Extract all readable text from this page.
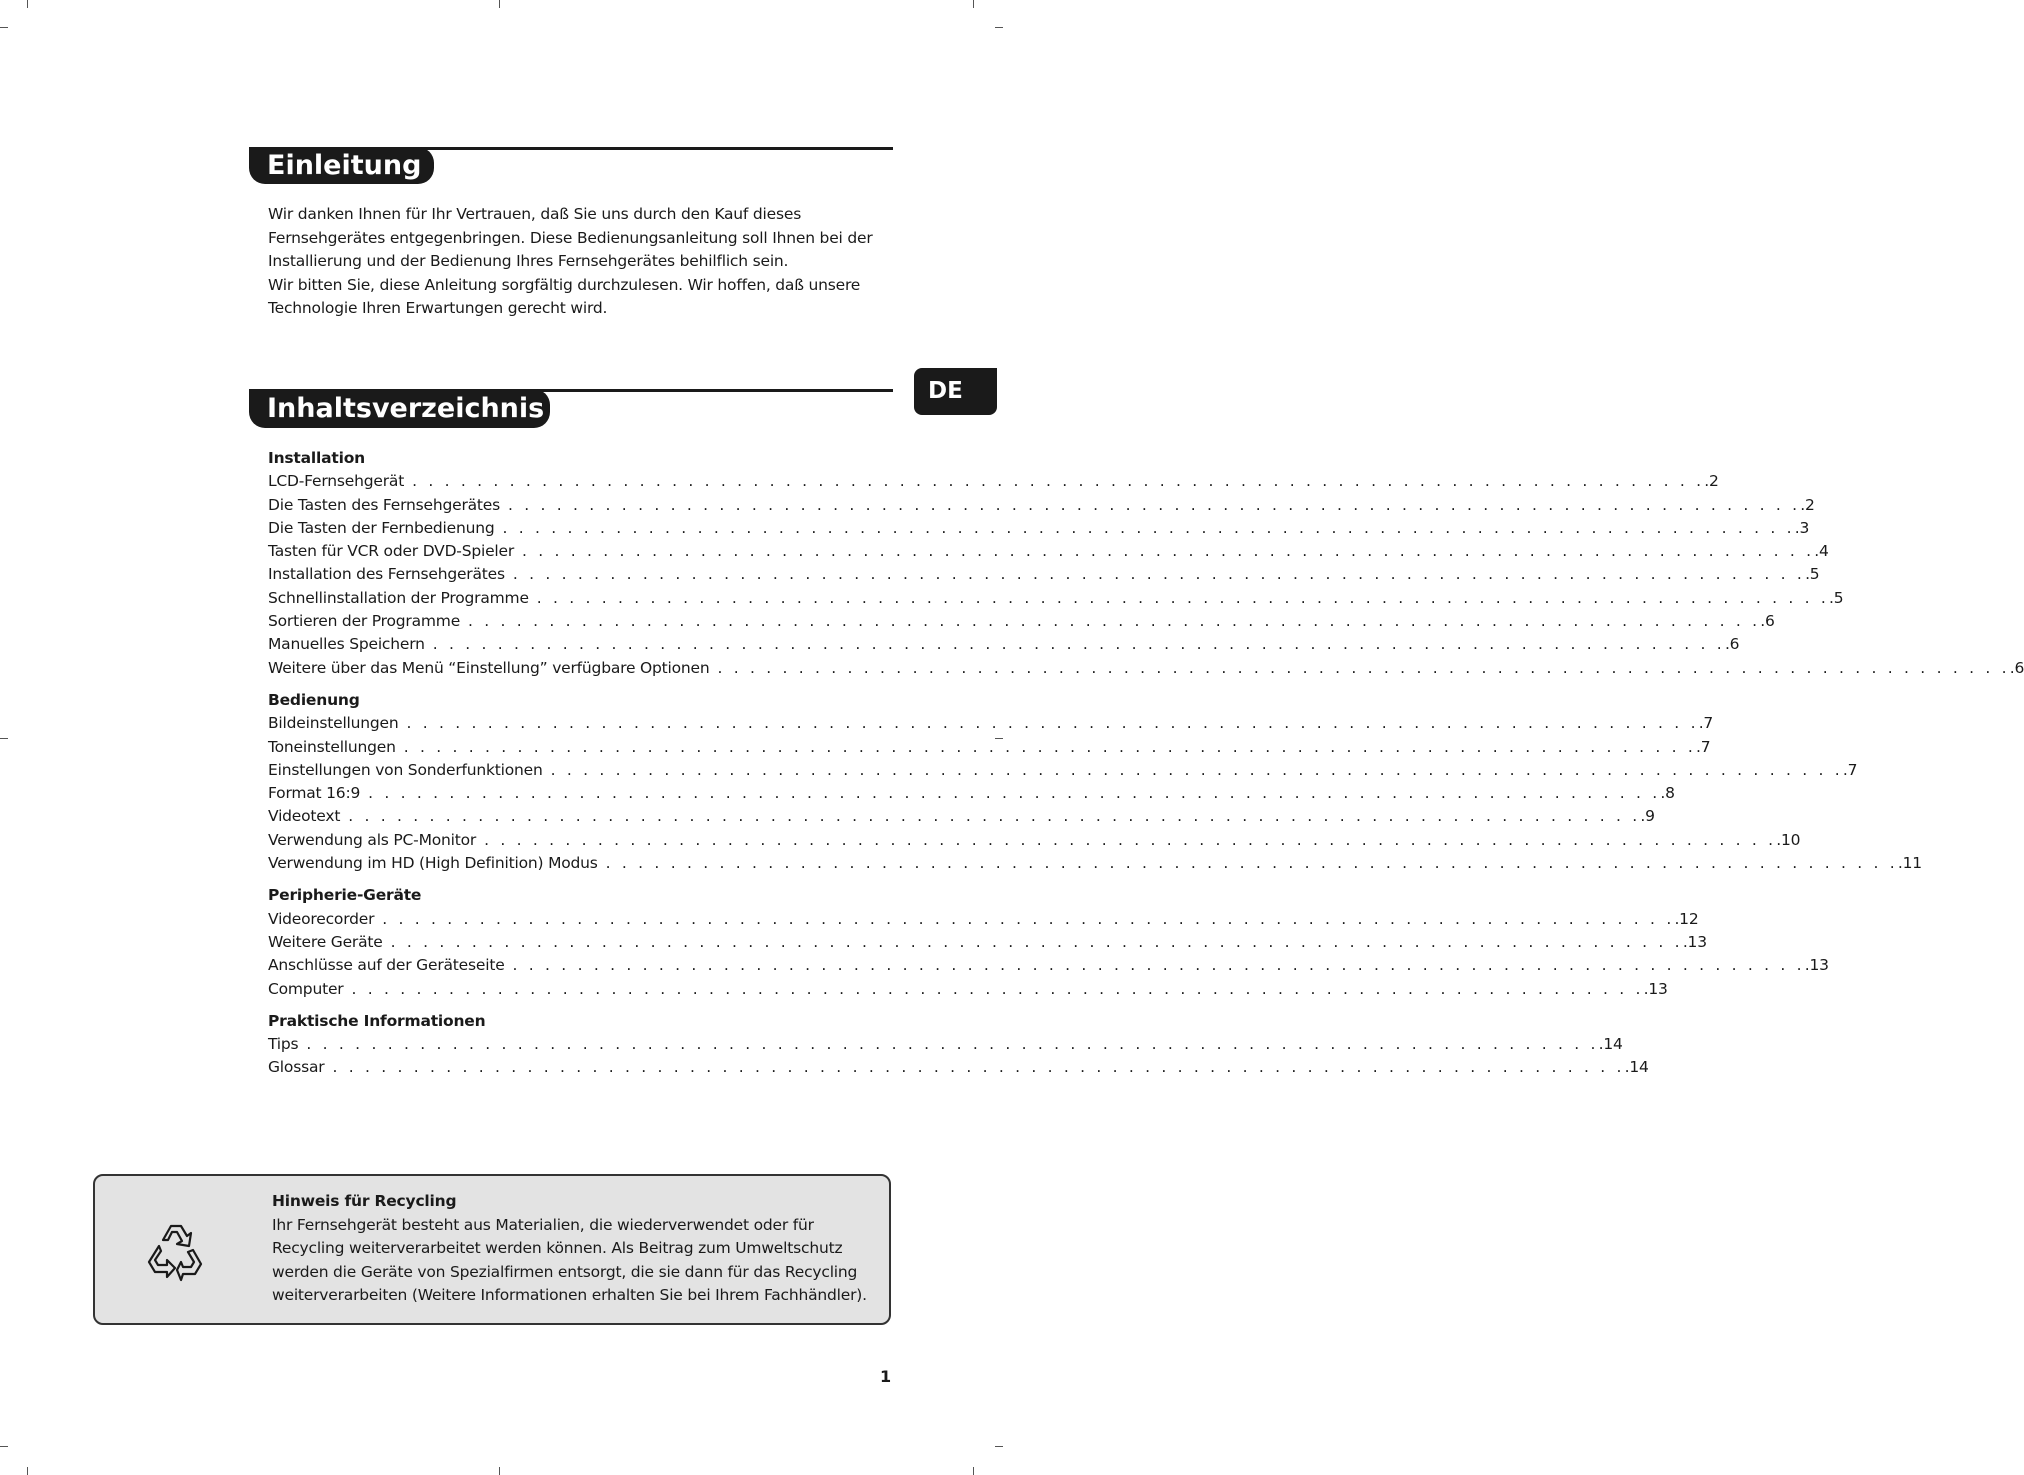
Einleitung

Wir danken Ihnen für Ihr Vertrauen, daß Sie uns durch den Kauf dieses Fernsehgerätes entgegenbringen. Diese Bedienungsanleitung soll Ihnen bei der Installierung und der Bedienung Ihres Fernsehgerätes behilflich sein.

Wir bitten Sie, diese Anleitung sorgfältig durchzulesen. Wir hoffen, daß unsere Technologie Ihren Erwartungen gerecht wird.

DE
Inhaltsverzeichnis
Installation
LCD-Fernsehgerät . . . . . . . . . . . . . . . . . . . . . . . . . . . . . . . . . . . . . . . . . . . . . . . . . . . . . . . . . . . . . . . . . . . . . . . . . . . . . . . . .2
Die Tasten des Fernsehgerätes . . . . . . . . . . . . . . . . . . . . . . . . . . . . . . . . . . . . . . . . . . . . . . . . . . . . . . . . . . . . . . . . . . . . . . . . . . . . . . . . .2
Die Tasten der Fernbedienung . . . . . . . . . . . . . . . . . . . . . . . . . . . . . . . . . . . . . . . . . . . . . . . . . . . . . . . . . . . . . . . . . . . . . . . . . . . . . . . . .3
Tasten für VCR oder DVD-Spieler . . . . . . . . . . . . . . . . . . . . . . . . . . . . . . . . . . . . . . . . . . . . . . . . . . . . . . . . . . . . . . . . . . . . . . . . . . . . . . . . .4
Installation des Fernsehgerätes . . . . . . . . . . . . . . . . . . . . . . . . . . . . . . . . . . . . . . . . . . . . . . . . . . . . . . . . . . . . . . . . . . . . . . . . . . . . . . . . .5
Schnellinstallation der Programme . . . . . . . . . . . . . . . . . . . . . . . . . . . . . . . . . . . . . . . . . . . . . . . . . . . . . . . . . . . . . . . . . . . . . . . . . . . . . . . . .5
Sortieren der Programme . . . . . . . . . . . . . . . . . . . . . . . . . . . . . . . . . . . . . . . . . . . . . . . . . . . . . . . . . . . . . . . . . . . . . . . . . . . . . . . . .6
Manuelles Speichern . . . . . . . . . . . . . . . . . . . . . . . . . . . . . . . . . . . . . . . . . . . . . . . . . . . . . . . . . . . . . . . . . . . . . . . . . . . . . . . . .6
Weitere über das Menü “Einstellung” verfügbare Optionen . . . . . . . . . . . . . . . . . . . . . . . . . . . . . . . . . . . . . . . . . . . . . . . . . . . . . . . . . . . . . . . . . . . . . . . . . . . . . . . . .6
Bedienung
Bildeinstellungen . . . . . . . . . . . . . . . . . . . . . . . . . . . . . . . . . . . . . . . . . . . . . . . . . . . . . . . . . . . . . . . . . . . . . . . . . . . . . . . . .7
Toneinstellungen . . . . . . . . . . . . . . . . . . . . . . . . . . . . . . . . . . . . . . . . . . . . . . . . . . . . . . . . . . . . . . . . . . . . . . . . . . . . . . . . .7
Einstellungen von Sonderfunktionen . . . . . . . . . . . . . . . . . . . . . . . . . . . . . . . . . . . . . . . . . . . . . . . . . . . . . . . . . . . . . . . . . . . . . . . . . . . . . . . . .7
Format 16:9 . . . . . . . . . . . . . . . . . . . . . . . . . . . . . . . . . . . . . . . . . . . . . . . . . . . . . . . . . . . . . . . . . . . . . . . . . . . . . . . . .8
Videotext . . . . . . . . . . . . . . . . . . . . . . . . . . . . . . . . . . . . . . . . . . . . . . . . . . . . . . . . . . . . . . . . . . . . . . . . . . . . . . . . .9
Verwendung als PC-Monitor . . . . . . . . . . . . . . . . . . . . . . . . . . . . . . . . . . . . . . . . . . . . . . . . . . . . . . . . . . . . . . . . . . . . . . . . . . . . . . . . .10
Verwendung im HD (High Definition) Modus . . . . . . . . . . . . . . . . . . . . . . . . . . . . . . . . . . . . . . . . . . . . . . . . . . . . . . . . . . . . . . . . . . . . . . . . . . . . . . . . .11
Peripherie-Geräte
Videorecorder . . . . . . . . . . . . . . . . . . . . . . . . . . . . . . . . . . . . . . . . . . . . . . . . . . . . . . . . . . . . . . . . . . . . . . . . . . . . . . . . .12
Weitere Geräte . . . . . . . . . . . . . . . . . . . . . . . . . . . . . . . . . . . . . . . . . . . . . . . . . . . . . . . . . . . . . . . . . . . . . . . . . . . . . . . . .13
Anschlüsse auf der Geräteseite . . . . . . . . . . . . . . . . . . . . . . . . . . . . . . . . . . . . . . . . . . . . . . . . . . . . . . . . . . . . . . . . . . . . . . . . . . . . . . . . .13
Computer . . . . . . . . . . . . . . . . . . . . . . . . . . . . . . . . . . . . . . . . . . . . . . . . . . . . . . . . . . . . . . . . . . . . . . . . . . . . . . . . .13
Praktische Informationen
Tips . . . . . . . . . . . . . . . . . . . . . . . . . . . . . . . . . . . . . . . . . . . . . . . . . . . . . . . . . . . . . . . . . . . . . . . . . . . . . . . . .14
Glossar . . . . . . . . . . . . . . . . . . . . . . . . . . . . . . . . . . . . . . . . . . . . . . . . . . . . . . . . . . . . . . . . . . . . . . . . . . . . . . . . .14
Hinweis für Recycling
Ihr Fernsehgerät besteht aus Materialien, die wiederverwendet oder für Recycling weiterverarbeitet werden können. Als Beitrag zum Umweltschutz werden die Geräte von Spezialfirmen entsorgt, die sie dann für das Recycling weiterverarbeiten (Weitere Informationen erhalten Sie bei Ihrem Fachhändler).
1
